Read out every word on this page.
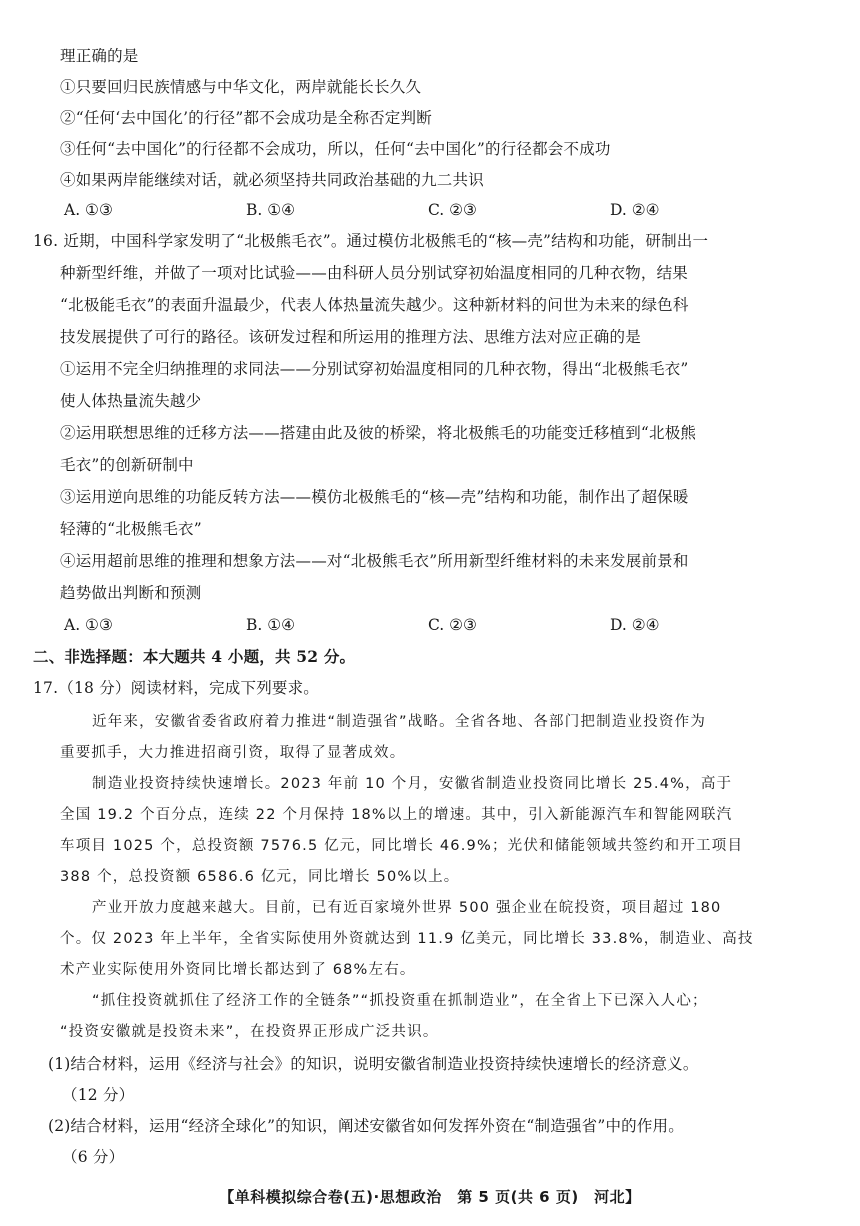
理正确的是
①只要回归民族情感与中华文化，两岸就能长长久久
②“任何‘去中国化’的行径”都不会成功是全称否定判断
③任何“去中国化”的行径都不会成功，所以，任何“去中国化”的行径都会不成功
④如果两岸能继续对话，就必须坚持共同政治基础的九二共识
A. ①③	B. ①④	C. ②③	D. ②④
16. 近期，中国科学家发明了“北极熊毛衣”。通过模仿北极熊毛的“核—壳”结构和功能，研制出一
种新型纤维，并做了一项对比试验——由科研人员分别试穿初始温度相同的几种衣物，结果
“北极能毛衣”的表面升温最少，代表人体热量流失越少。这种新材料的问世为未来的绿色科
技发展提供了可行的路径。该研发过程和所运用的推理方法、思维方法对应正确的是
①运用不完全归纳推理的求同法——分别试穿初始温度相同的几种衣物，得出“北极熊毛衣”
使人体热量流失越少
②运用联想思维的迁移方法——搭建由此及彼的桥梁，将北极熊毛的功能变迁移植到“北极熊
毛衣”的创新研制中
③运用逆向思维的功能反转方法——模仿北极熊毛的“核—壳”结构和功能，制作出了超保暖
轻薄的“北极熊毛衣”
④运用超前思维的推理和想象方法——对“北极熊毛衣”所用新型纤维材料的未来发展前景和
趋势做出判断和预测
A. ①③	B. ①④	C. ②③	D. ②④
二、非选择题：本大题共 4 小题，共 52 分。
17.（18 分）阅读材料，完成下列要求。
近年来，安徽省委省政府着力推进“制造强省”战略。全省各地、各部门把制造业投资作为
重要抓手，大力推进招商引资，取得了显著成效。
制造业投资持续快速增长。2023 年前 10 个月，安徽省制造业投资同比增长 25.4%，高于
全国 19.2 个百分点，连续 22 个月保持 18%以上的增速。其中，引入新能源汽车和智能网联汽
车项目 1025 个，总投资额 7576.5 亿元，同比增长 46.9%；光伏和储能领域共签约和开工项目
388 个，总投资额 6586.6 亿元，同比增长 50%以上。
产业开放力度越来越大。目前，已有近百家境外世界 500 强企业在皖投资，项目超过 180
个。仅 2023 年上半年，全省实际使用外资就达到 11.9 亿美元，同比增长 33.8%，制造业、高技
术产业实际使用外资同比增长都达到了 68%左右。
“抓住投资就抓住了经济工作的全链条”“抓投资重在抓制造业”，在全省上下已深入人心；
“投资安徽就是投资未来”，在投资界正形成广泛共识。
(1)结合材料，运用《经济与社会》的知识，说明安徽省制造业投资持续快速增长的经济意义。
（12 分）
(2)结合材料，运用“经济全球化”的知识，阐述安徽省如何发挥外资在“制造强省”中的作用。
（6 分）
【单科模拟综合卷(五)·思想政治　第 5 页(共 6 页)　河北】
